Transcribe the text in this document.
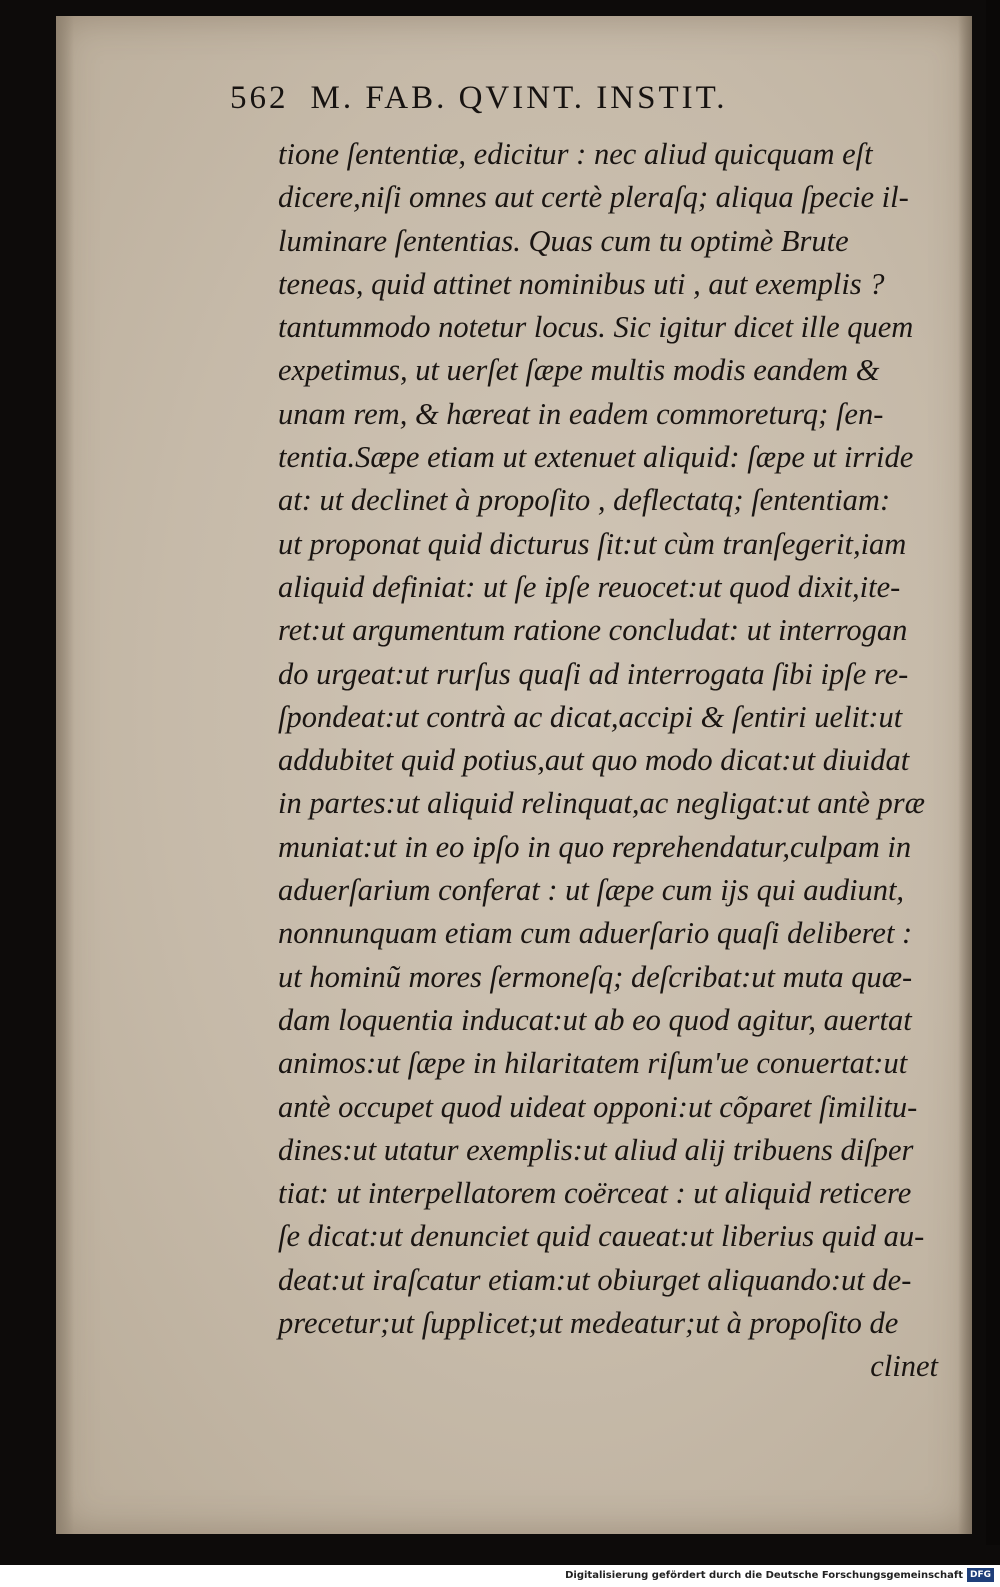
562 M. FAB. QVINT. INSTIT.
tione ſententiæ, edicitur : nec aliud quicquam eſt
dicere,niſi omnes aut certè pleraſq; aliqua ſpecie il-
luminare ſententias. Quas cum tu optimè Brute
teneas, quid attinet nominibus uti , aut exemplis ?
tantummodo notetur locus. Sic igitur dicet ille quem
expetimus, ut uerſet ſæpe multis modis eandem &
unam rem, & hæreat in eadem commoreturq; ſen-
tentia.Sæpe etiam ut extenuet aliquid: ſæpe ut irride
at: ut declinet à propoſito , deflectatq; ſententiam:
ut proponat quid dicturus ſit:ut cùm tranſegerit,iam
aliquid definiat: ut ſe ipſe reuocet:ut quod dixit,ite-
ret:ut argumentum ratione concludat: ut interrogan
do urgeat:ut rurſus quaſi ad interrogata ſibi ipſe re-
ſpondeat:ut contrà ac dicat,accipi & ſentiri uelit:ut
addubitet quid potius,aut quo modo dicat:ut diuidat
in partes:ut aliquid relinquat,ac negligat:ut antè præ
muniat:ut in eo ipſo in quo reprehendatur,culpam in
aduerſarium conferat : ut ſæpe cum ijs qui audiunt,
nonnunquam etiam cum aduerſario quaſi deliberet :
ut hominũ mores ſermoneſq; deſcribat:ut muta quæ-
dam loquentia inducat:ut ab eo quod agitur, auertat
animos:ut ſæpe in hilaritatem riſum'ue conuertat:ut
antè occupet quod uideat opponi:ut cõparet ſimilitu-
dines:ut utatur exemplis:ut aliud alij tribuens diſper
tiat: ut interpellatorem coërceat : ut aliquid reticere
ſe dicat:ut denunciet quid caueat:ut liberius quid au-
deat:ut iraſcatur etiam:ut obiurget aliquando:ut de-
precetur;ut ſupplicet;ut medeatur;ut à propoſito de
clinet
Digitalisierung gefördert durch die Deutsche Forschungsgemeinschaft DFG
